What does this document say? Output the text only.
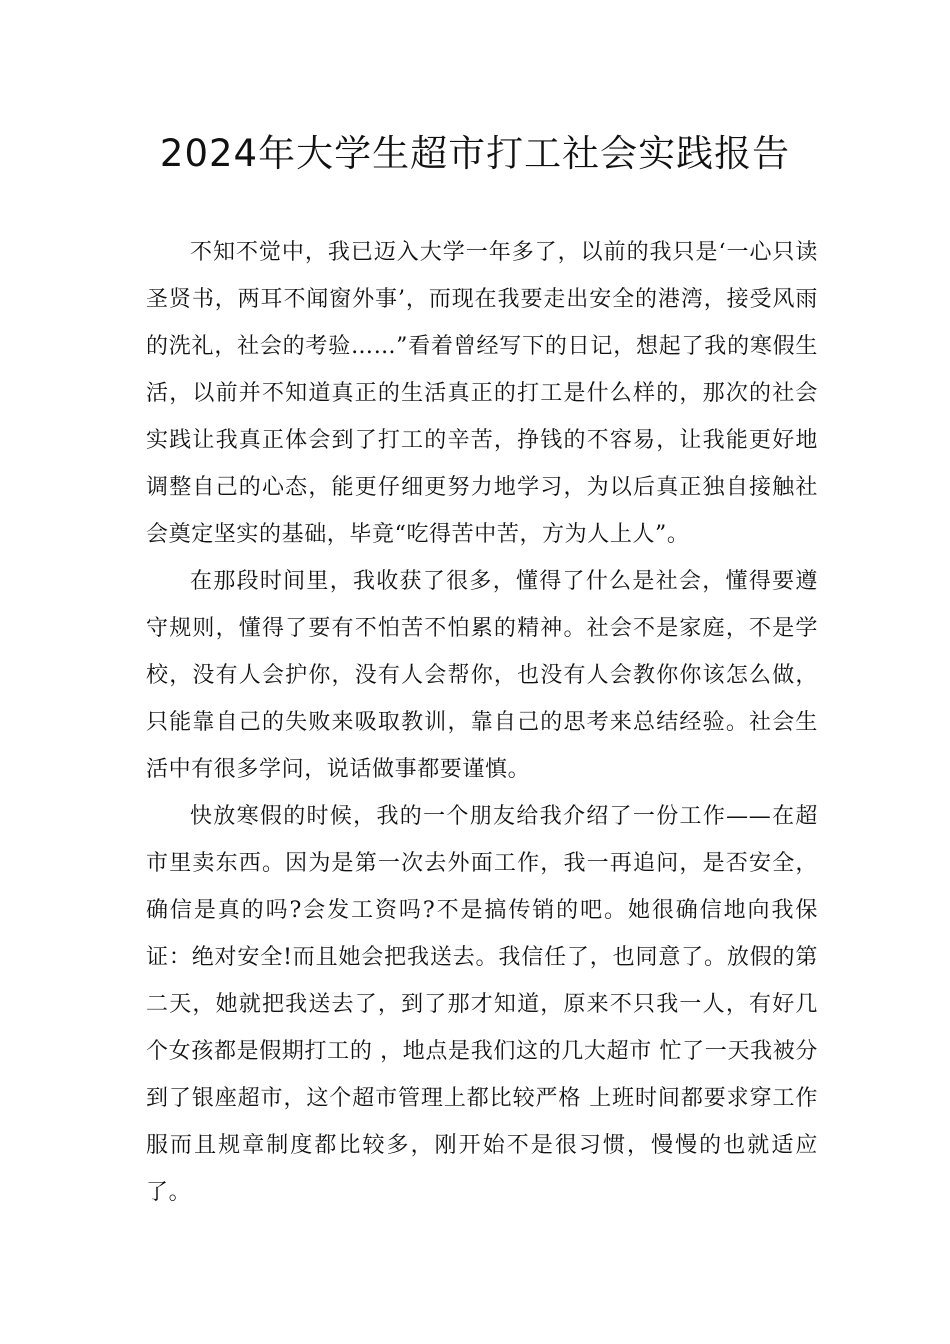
2024年大学生超市打工社会实践报告

不知不觉中，我已迈入大学一年多了，以前的我只是‘一心只读圣贤书，两耳不闻窗外事’，而现在我要走出安全的港湾，接受风雨的洗礼，社会的考验……”看着曾经写下的日记，想起了我的寒假生活，以前并不知道真正的生活真正的打工是什么样的，那次的社会实践让我真正体会到了打工的辛苦，挣钱的不容易，让我能更好地调整自己的心态，能更仔细更努力地学习，为以后真正独自接触社会奠定坚实的基础，毕竟“吃得苦中苦，方为人上人”。

在那段时间里，我收获了很多，懂得了什么是社会，懂得要遵守规则，懂得了要有不怕苦不怕累的精神。社会不是家庭，不是学校，没有人会护你，没有人会帮你，也没有人会教你你该怎么做，只能靠自己的失败来吸取教训，靠自己的思考来总结经验。社会生活中有很多学问，说话做事都要谨慎。

快放寒假的时候，我的一个朋友给我介绍了一份工作——在超市里卖东西。因为是第一次去外面工作，我一再追问，是否安全，确信是真的吗?会发工资吗?不是搞传销的吧。她很确信地向我保证：绝对安全!而且她会把我送去。我信任了，也同意了。放假的第二天，她就把我送去了，到了那才知道，原来不只我一人，有好几个女孩都是假期打工的 ，地点是我们这的几大超市 忙了一天我被分到了银座超市，这个超市管理上都比较严格 上班时间都要求穿工作服而且规章制度都比较多，刚开始不是很习惯，慢慢的也就适应了。
